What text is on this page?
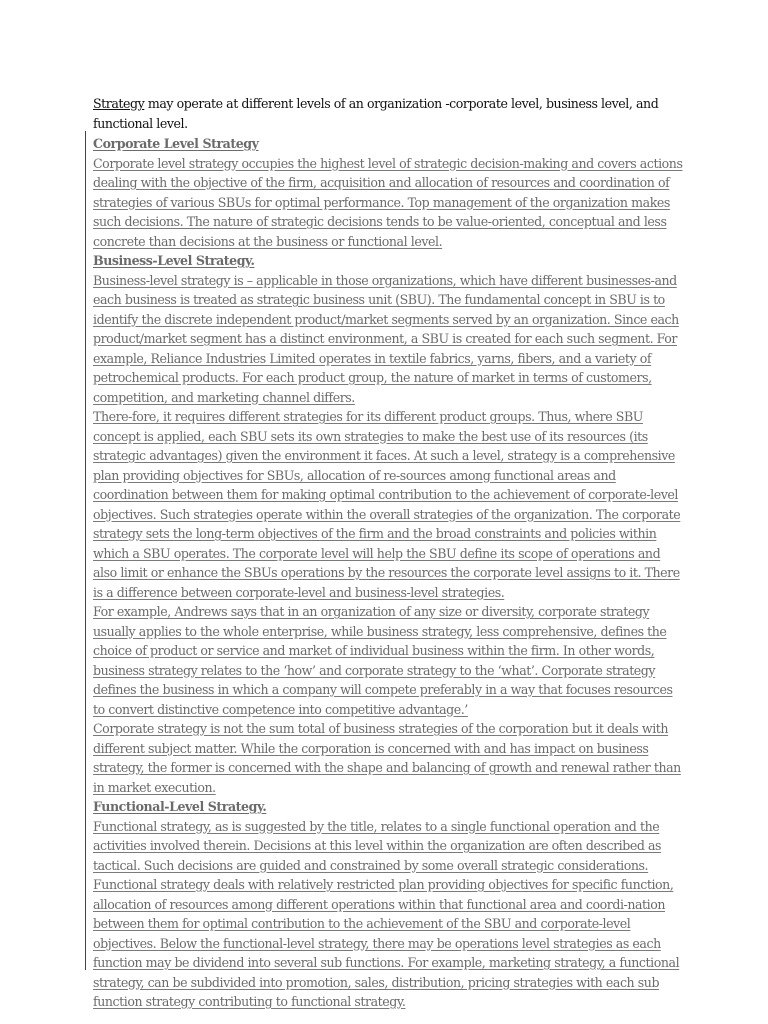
Strategy may operate at different levels of an organization -corporate level, business level, and functional level.
Corporate Level Strategy

Corporate level strategy occupies the highest level of strategic decision-making and covers actions dealing with the objective of the firm, acquisition and allocation of resources and coordination of strategies of various SBUs for optimal performance. Top management of the organization makes such decisions. The nature of strategic decisions tends to be value-oriented, conceptual and less concrete than decisions at the business or functional level.

Business-Level Strategy.

Business-level strategy is – applicable in those organizations, which have different businesses-and each business is treated as strategic business unit (SBU). The fundamental concept in SBU is to identify the discrete independent product/market segments served by an organization. Since each product/market segment has a distinct environment, a SBU is created for each such segment. For example, Reliance Industries Limited operates in textile fabrics, yarns, fibers, and a variety of petrochemical products. For each product group, the nature of market in terms of customers, competition, and marketing channel differs.

There-fore, it requires different strategies for its different product groups. Thus, where SBU concept is applied, each SBU sets its own strategies to make the best use of its resources (its strategic advantages) given the environment it faces. At such a level, strategy is a comprehensive plan providing objectives for SBUs, allocation of re-sources among functional areas and coordination between them for making optimal contribution to the achievement of corporate-level objectives. Such strategies operate within the overall strategies of the organization. The corporate strategy sets the long-term objectives of the firm and the broad constraints and policies within which a SBU operates. The corporate level will help the SBU define its scope of operations and also limit or enhance the SBUs operations by the resources the corporate level assigns to it. There is a difference between corporate-level and business-level strategies.

For example, Andrews says that in an organization of any size or diversity, corporate strategy usually applies to the whole enterprise, while business strategy, less comprehensive, defines the choice of product or service and market of individual business within the firm. In other words, business strategy relates to the ‘how’ and corporate strategy to the ‘what’. Corporate strategy defines the business in which a company will compete preferably in a way that focuses resources to convert distinctive competence into competitive advantage.’

Corporate strategy is not the sum total of business strategies of the corporation but it deals with different subject matter. While the corporation is concerned with and has impact on business strategy, the former is concerned with the shape and balancing of growth and renewal rather than in market execution.

Functional-Level Strategy.

Functional strategy, as is suggested by the title, relates to a single functional operation and the activities involved therein. Decisions at this level within the organization are often described as tactical. Such decisions are guided and constrained by some overall strategic considerations. Functional strategy deals with relatively restricted plan providing objectives for specific function, allocation of resources among different operations within that functional area and coordi-nation between them for optimal contribution to the achievement of the SBU and corporate-level objectives. Below the functional-level strategy, there may be operations level strategies as each function may be dividend into several sub functions. For example, marketing strategy, a functional strategy, can be subdivided into promotion, sales, distribution, pricing strategies with each sub function strategy contributing to functional strategy.
